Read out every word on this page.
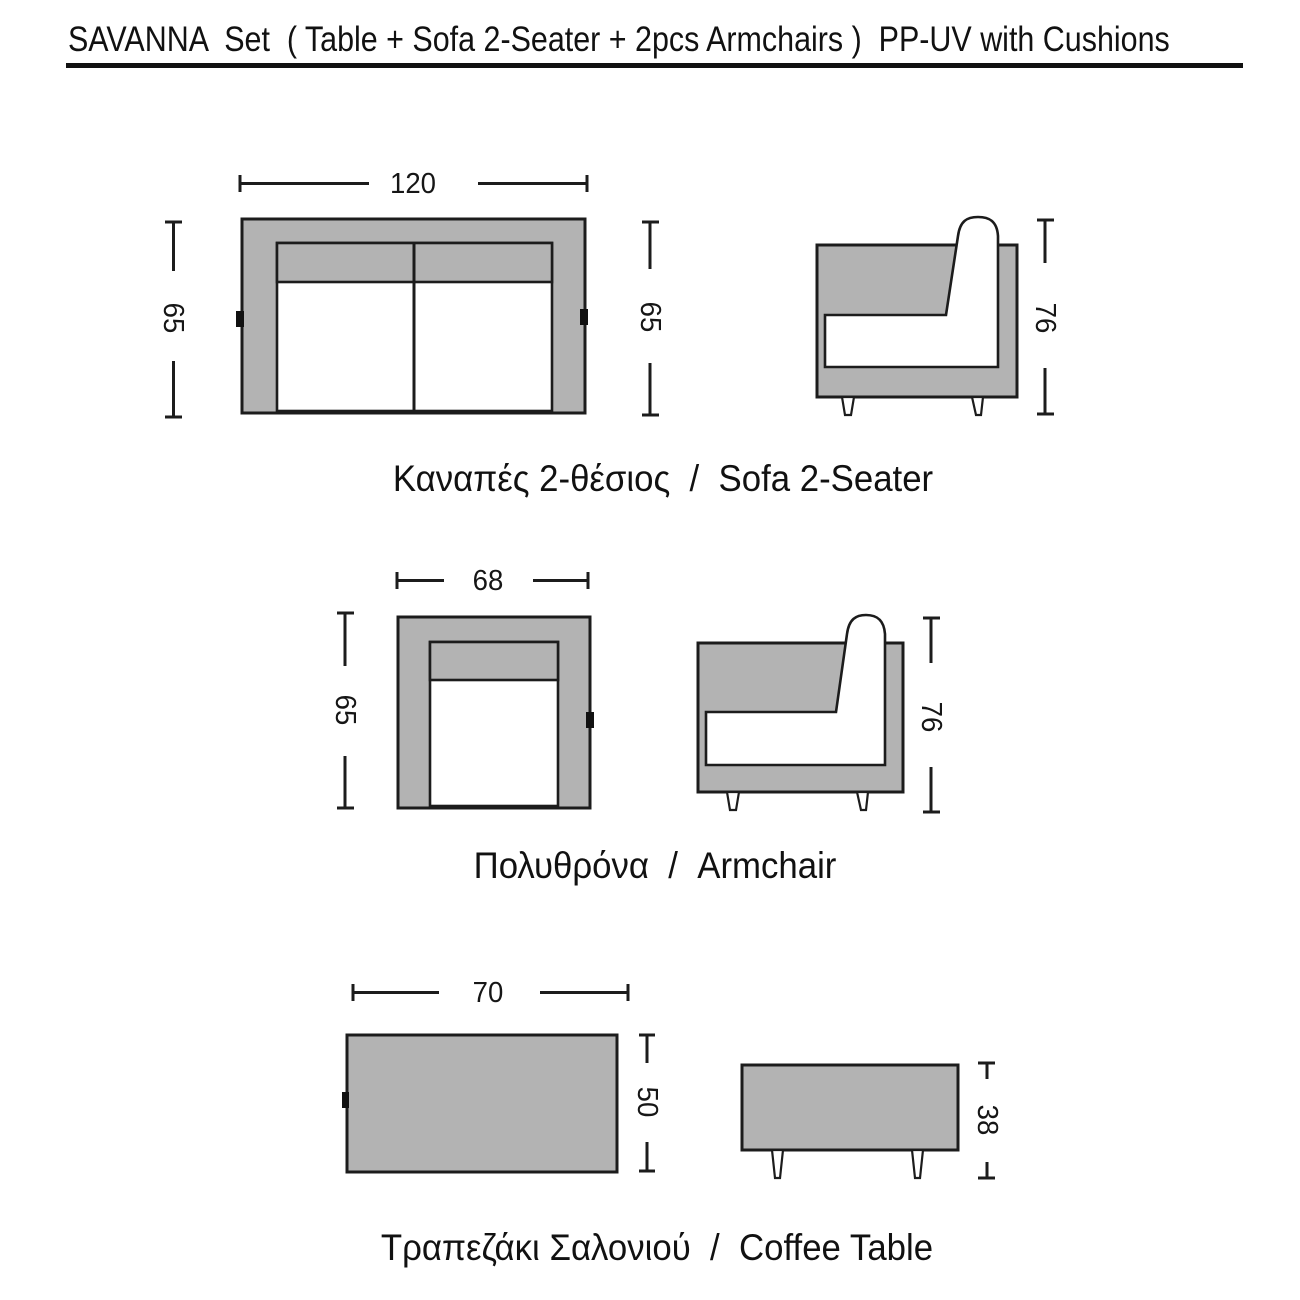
SAVANNA  Set  ( Table + Sofa 2-Seater + 2pcs Armchairs )  PP-UV with Cushions
120
65	65	76
Καναπές 2-θέσιος  /  Sofa 2-Seater
68
65	76
Πολυθρόνα  /  Armchair
70
50
38
Τραπεζάκι Σαλονιού  /  Coffee Table
